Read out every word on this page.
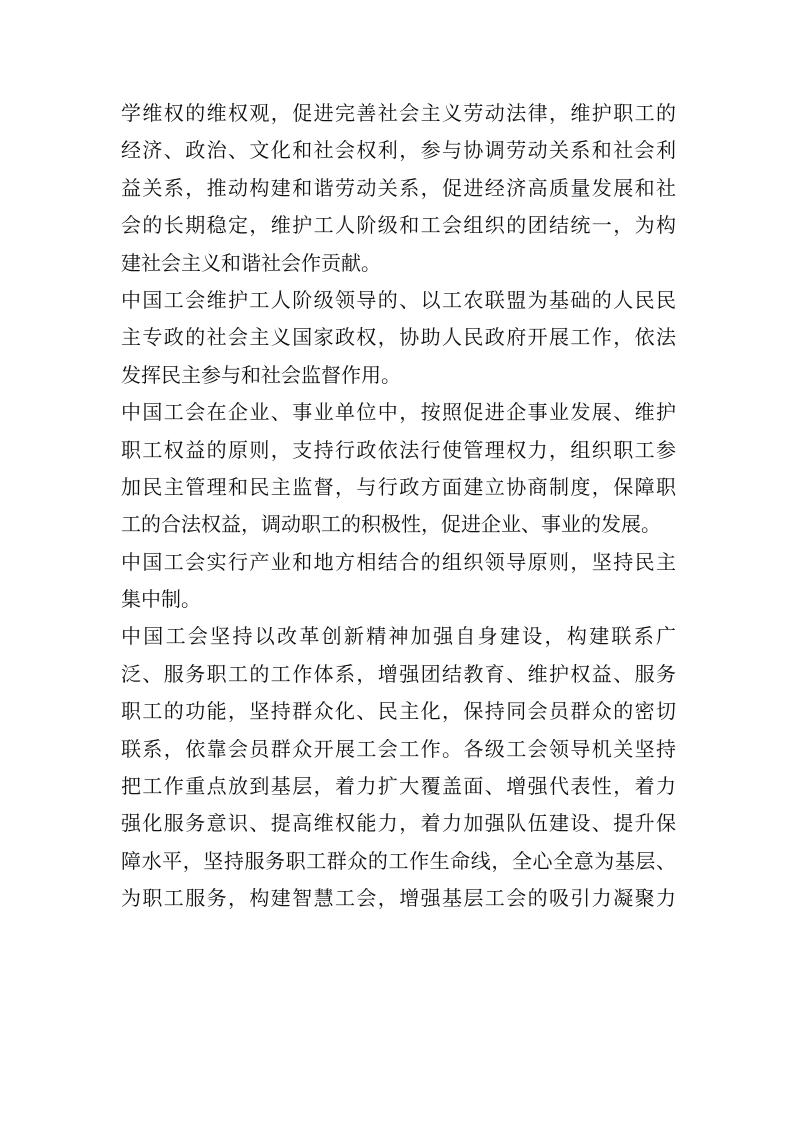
学维权的维权观，促进完善社会主义劳动法律，维护职工的
经济、政治、文化和社会权利，参与协调劳动关系和社会利
益关系，推动构建和谐劳动关系，促进经济高质量发展和社
会的长期稳定，维护工人阶级和工会组织的团结统一，为构
建社会主义和谐社会作贡献。
中国工会维护工人阶级领导的、以工农联盟为基础的人民民
主专政的社会主义国家政权，协助人民政府开展工作，依法
发挥民主参与和社会监督作用。
中国工会在企业、事业单位中，按照促进企事业发展、维护
职工权益的原则，支持行政依法行使管理权力，组织职工参
加民主管理和民主监督，与行政方面建立协商制度，保障职
工的合法权益，调动职工的积极性，促进企业、事业的发展。
中国工会实行产业和地方相结合的组织领导原则，坚持民主
集中制。
中国工会坚持以改革创新精神加强自身建设，构建联系广
泛、服务职工的工作体系，增强团结教育、维护权益、服务
职工的功能，坚持群众化、民主化，保持同会员群众的密切
联系，依靠会员群众开展工会工作。各级工会领导机关坚持
把工作重点放到基层，着力扩大覆盖面、增强代表性，着力
强化服务意识、提高维权能力，着力加强队伍建设、提升保
障水平，坚持服务职工群众的工作生命线，全心全意为基层、
为职工服务，构建智慧工会，增强基层工会的吸引力凝聚力
